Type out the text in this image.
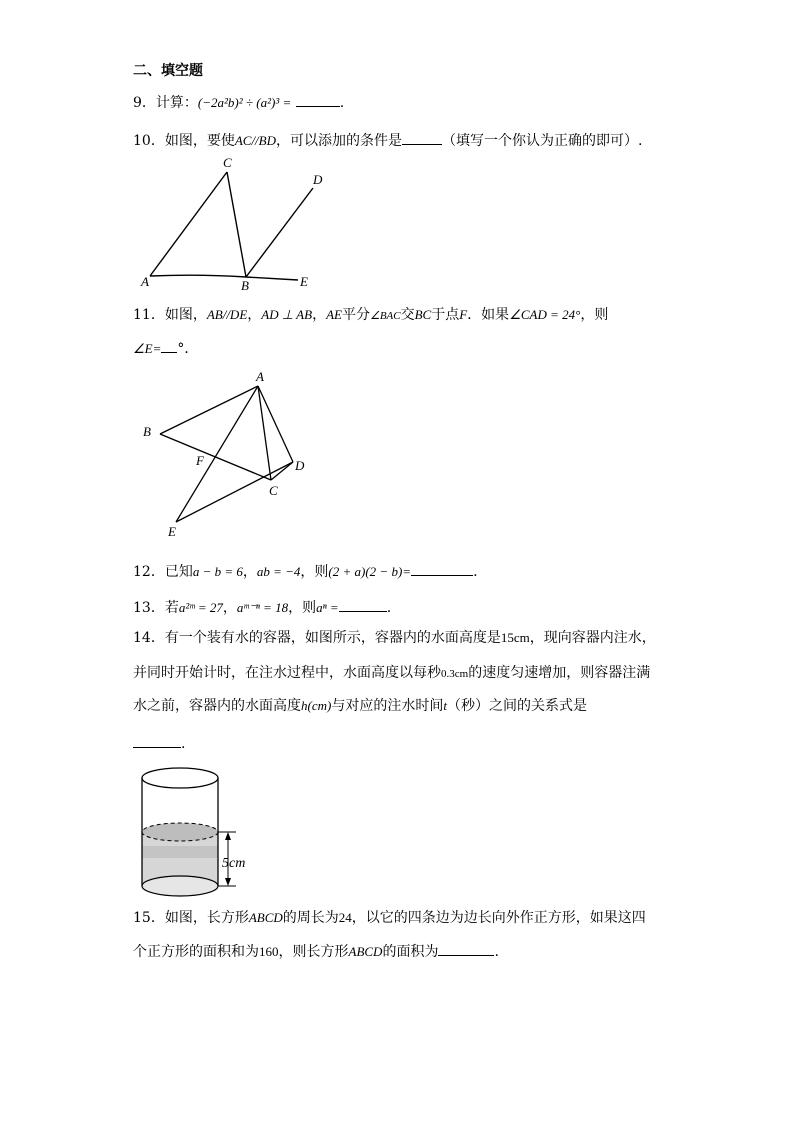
二、填空题
9．计算：(−2a²b)² ÷ (a²)³ =	.
10．如图，要使AC//BD，可以添加的条件是	（填写一个你认为正确的即可）.
A
C
B
D
E
11．如图，AB//DE，AD ⊥ AB，AE平分∠BAC交BC于点F．如果∠CAD = 24°，则
∠E= °．
A
B
F
C
D
E
12．已知a − b = 6，ab = −4，则(2 + a)(2 − b)=	.
13．若a²ᵐ = 27，aᵐ⁻ⁿ = 18，则aⁿ =	.
14．有一个装有水的容器，如图所示，容器内的水面高度是15cm，现向容器内注水，
并同时开始计时，在注水过程中，水面高度以每秒0.3cm的速度匀速增加，则容器注满
水之前，容器内的水面高度h(cm)与对应的注水时间t（秒）之间的关系式是
.
5cm
15．如图，长方形ABCD的周长为24，以它的四条边为边长向外作正方形，如果这四
个正方形的面积和为160，则长方形ABCD的面积为	.
